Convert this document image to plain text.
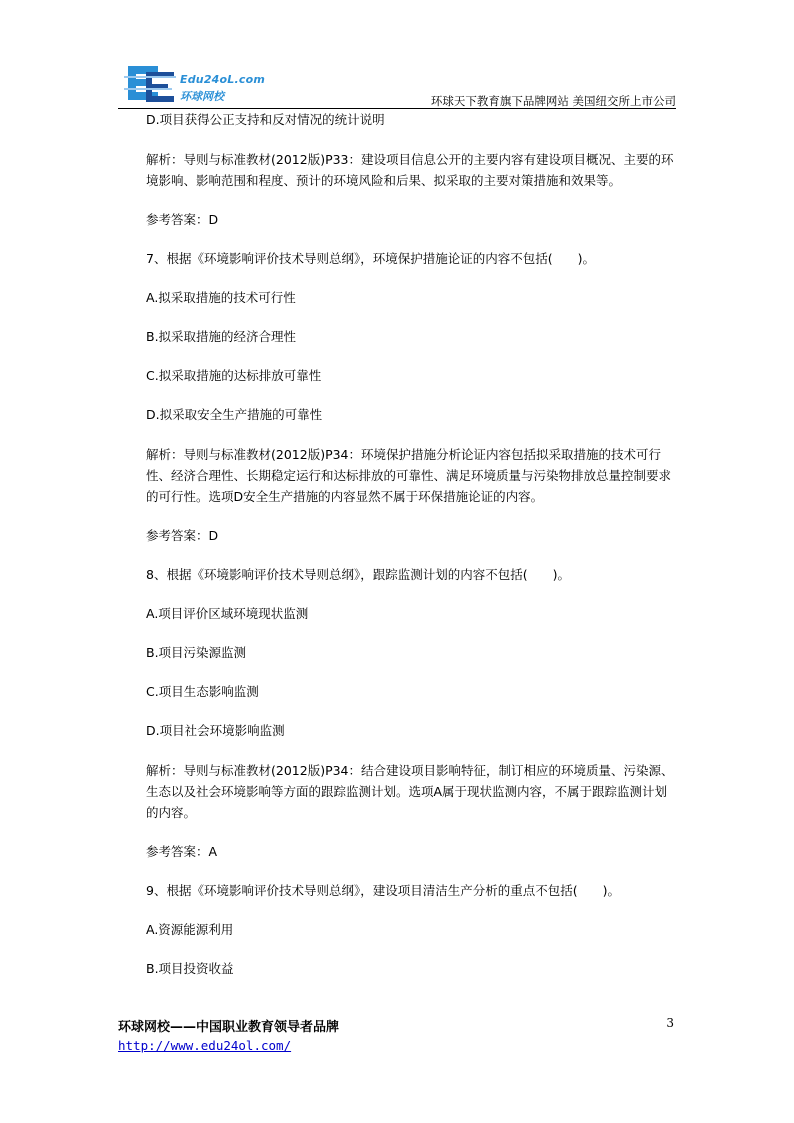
Edu24oL.com
环球网校	环球天下教育旗下品牌网站 美国纽交所上市公司

D.项目获得公正支持和反对情况的统计说明

解析：导则与标准教材(2012版)P33：建设项目信息公开的主要内容有建设项目概况、主要的环境影响、影响范围和程度、预计的环境风险和后果、拟采取的主要对策措施和效果等。

参考答案：D

7、根据《环境影响评价技术导则总纲》，环境保护措施论证的内容不包括(　　)。

A.拟采取措施的技术可行性

B.拟采取措施的经济合理性

C.拟采取措施的达标排放可靠性

D.拟采取安全生产措施的可靠性

解析：导则与标准教材(2012版)P34：环境保护措施分析论证内容包括拟采取措施的技术可行性、经济合理性、长期稳定运行和达标排放的可靠性、满足环境质量与污染物排放总量控制要求的可行性。选项D安全生产措施的内容显然不属于环保措施论证的内容。

参考答案：D

8、根据《环境影响评价技术导则总纲》，跟踪监测计划的内容不包括(　　)。

A.项目评价区域环境现状监测

B.项目污染源监测

C.项目生态影响监测

D.项目社会环境影响监测

解析：导则与标准教材(2012版)P34：结合建设项目影响特征，制订相应的环境质量、污染源、生态以及社会环境影响等方面的跟踪监测计划。选项A属于现状监测内容，不属于跟踪监测计划的内容。

参考答案：A

9、根据《环境影响评价技术导则总纲》，建设项目清洁生产分析的重点不包括(　　)。

A.资源能源利用

B.项目投资收益

环球网校——中国职业教育领导者品牌
http://www.edu24ol.com/
3
